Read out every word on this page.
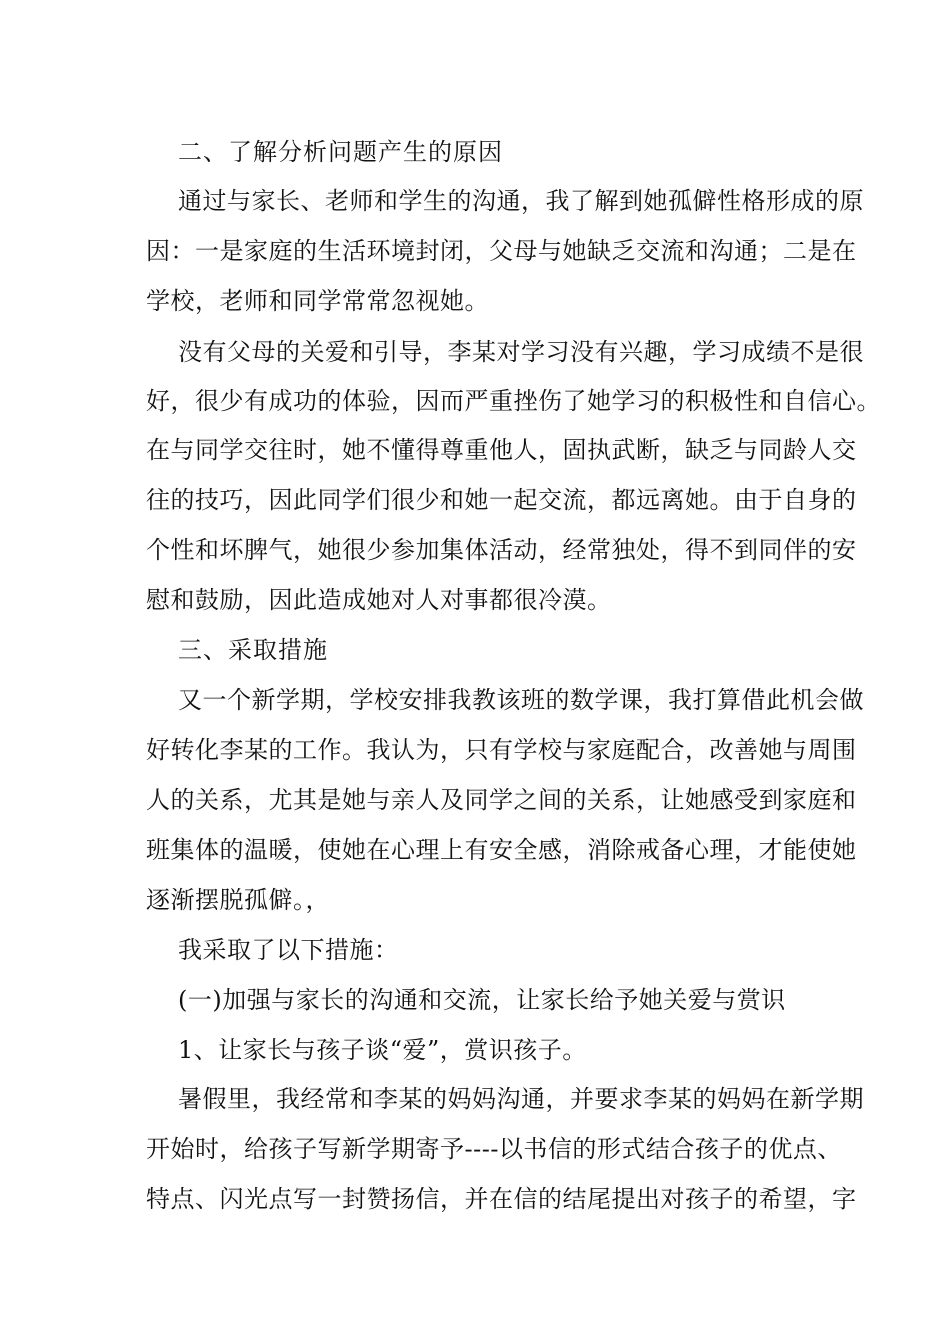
二、了解分析问题产生的原因
通过与家长、老师和学生的沟通，我了解到她孤僻性格形成的原
因：一是家庭的生活环境封闭，父母与她缺乏交流和沟通；二是在
学校，老师和同学常常忽视她。
没有父母的关爱和引导，李某对学习没有兴趣，学习成绩不是很
好，很少有成功的体验，因而严重挫伤了她学习的积极性和自信心。
在与同学交往时，她不懂得尊重他人，固执武断，缺乏与同龄人交
往的技巧，因此同学们很少和她一起交流，都远离她。由于自身的
个性和坏脾气，她很少参加集体活动，经常独处，得不到同伴的安
慰和鼓励，因此造成她对人对事都很冷漠。
三、采取措施
又一个新学期，学校安排我教该班的数学课，我打算借此机会做
好转化李某的工作。我认为，只有学校与家庭配合，改善她与周围
人的关系，尤其是她与亲人及同学之间的关系，让她感受到家庭和
班集体的温暖，使她在心理上有安全感，消除戒备心理，才能使她
逐渐摆脱孤僻。，
我采取了以下措施：
(一)加强与家长的沟通和交流，让家长给予她关爱与赏识
1、让家长与孩子谈“爱”，赏识孩子。
暑假里，我经常和李某的妈妈沟通，并要求李某的妈妈在新学期
开始时，给孩子写新学期寄予----以书信的形式结合孩子的优点、
特点、闪光点写一封赞扬信，并在信的结尾提出对孩子的希望，字
